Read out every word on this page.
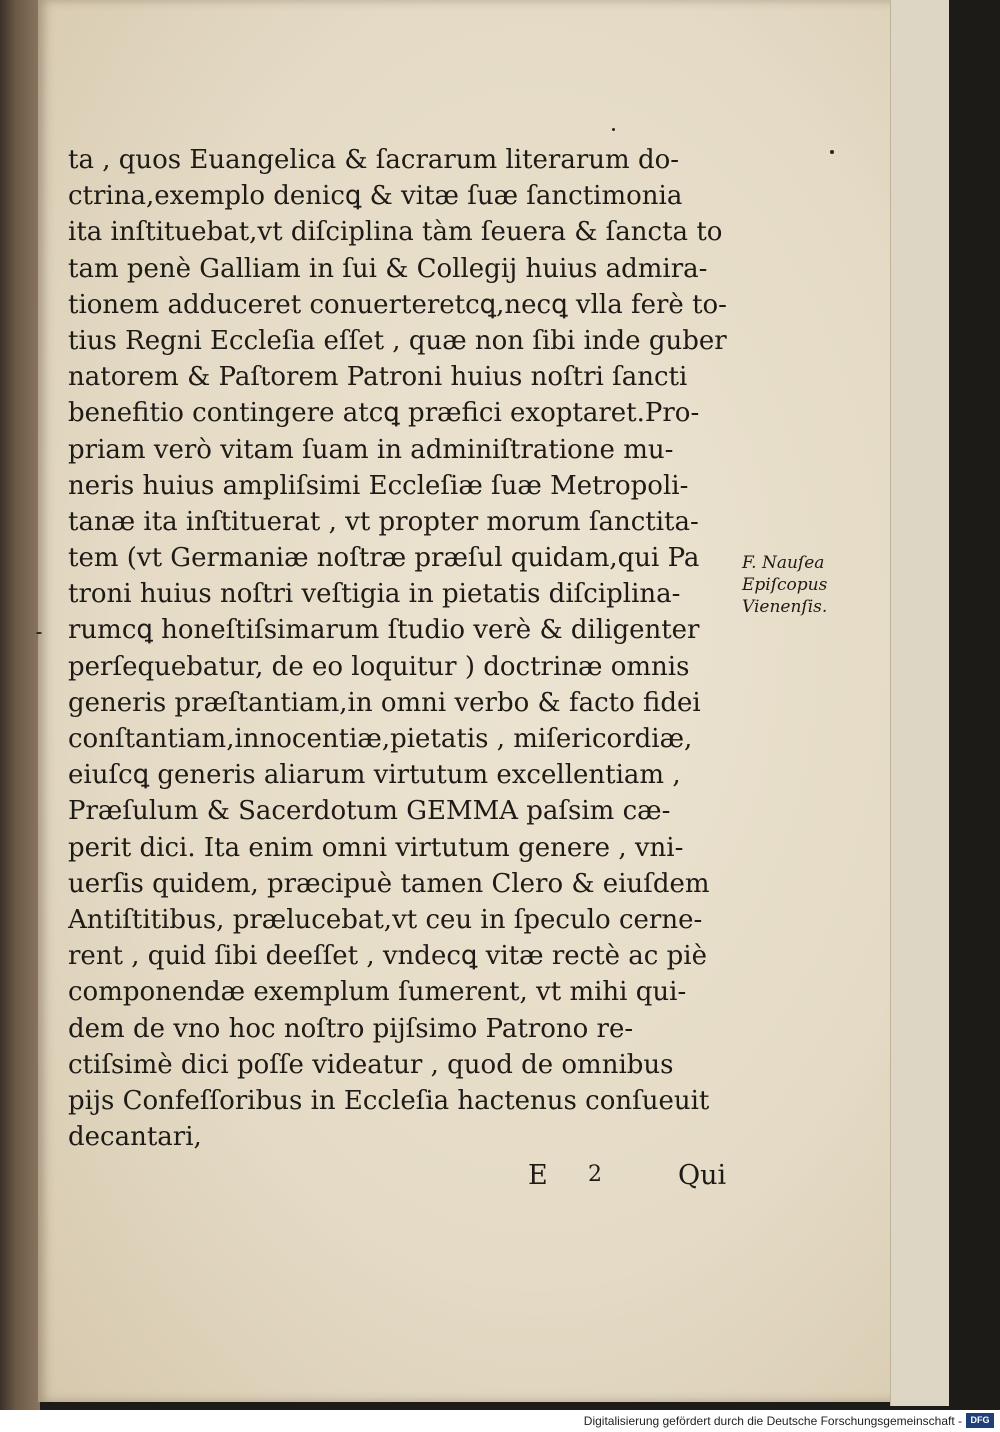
ta , quos Euangelica & ſacrarum literarum do-
ctrina,exemplo denicꝗ & vitæ ſuæ ſanctimonia
ita inſtituebat,vt diſciplina tàm ſeuera & ſancta to
tam penè Galliam in ſui & Collegij huius admira-
tionem adduceret conuerteretcꝗ,necꝗ vlla ferè to-
tius Regni Eccleſia eſſet , quæ non ſibi inde guber
natorem & Paſtorem Patroni huius noſtri ſancti
benefitio contingere atcꝗ præfici exoptaret.Pro-
priam verò vitam ſuam in adminiſtratione mu-
neris huius ampliſsimi Eccleſiæ ſuæ Metropoli-
tanæ ita inſtituerat , vt propter morum ſanctita-
tem (vt Germaniæ noſtræ præſul quidam,qui Pa
troni huius noſtri veſtigia in pietatis diſciplina-
rumcꝗ honeſtiſsimarum ſtudio verè & diligenter
perſequebatur, de eo loquitur ) doctrinæ omnis
generis præſtantiam,in omni verbo & facto fidei
conſtantiam,innocentiæ,pietatis , miſericordiæ,
eiuſcꝗ generis aliarum virtutum excellentiam ,
Præſulum & Sacerdotum GEMMA paſsim cæ-
perit dici. Ita enim omni virtutum genere , vni-
uerſis quidem, præcipuè tamen Clero & eiuſdem
Antiſtitibus, prælucebat,vt ceu in ſpeculo cerne-
rent , quid ſibi deeſſet , vndecꝗ vitæ rectè ac piè
componendæ exemplum ſumerent, vt mihi qui-
dem de vno hoc noſtro pijſsimo Patrono re-
ctiſsimè dici poſſe videatur , quod de omnibus
pijs Confeſſoribus in Eccleſia hactenus conſueuit
decantari,
F. Nauſea
Epiſcopus
Vienenſis.
E 2	Qui
Digitalisierung gefördert durch die Deutsche Forschungsgemeinschaft - DFG
